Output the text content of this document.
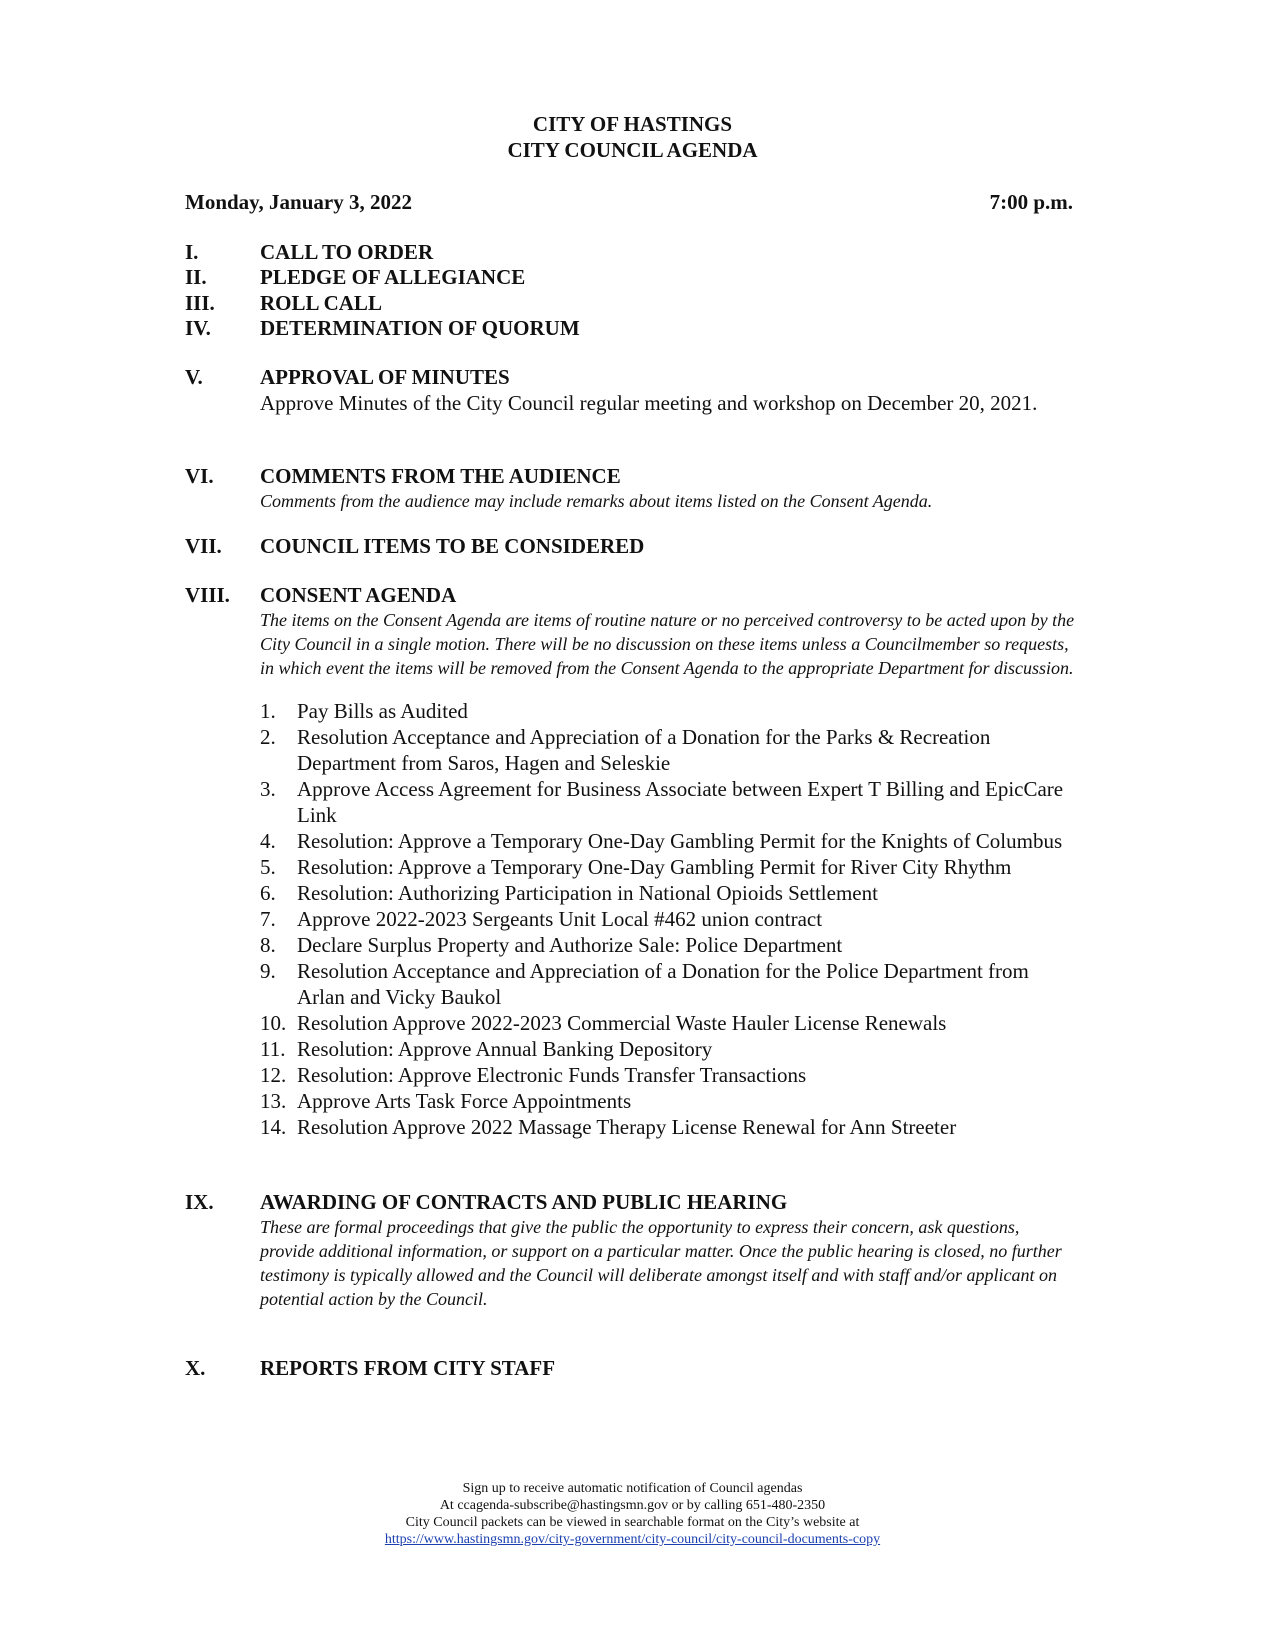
CITY OF HASTINGS
CITY COUNCIL AGENDA
Monday, January 3, 2022	7:00 p.m.
I.	CALL TO ORDER
II.	PLEDGE OF ALLEGIANCE
III.	ROLL CALL
IV.	DETERMINATION OF QUORUM
V.	APPROVAL OF MINUTES
Approve Minutes of the City Council regular meeting and workshop on December 20, 2021.
VI.	COMMENTS FROM THE AUDIENCE
Comments from the audience may include remarks about items listed on the Consent Agenda.
VII.	COUNCIL ITEMS TO BE CONSIDERED
VIII.	CONSENT AGENDA
The items on the Consent Agenda are items of routine nature or no perceived controversy to be acted upon by the City Council in a single motion. There will be no discussion on these items unless a Councilmember so requests, in which event the items will be removed from the Consent Agenda to the appropriate Department for discussion.
1.	Pay Bills as Audited
2.	Resolution Acceptance and Appreciation of a Donation for the Parks & Recreation Department from Saros, Hagen and Seleskie
3.	Approve Access Agreement for Business Associate between Expert T Billing and EpicCare Link
4.	Resolution: Approve a Temporary One-Day Gambling Permit for the Knights of Columbus
5.	Resolution: Approve a Temporary One-Day Gambling Permit for River City Rhythm
6.	Resolution: Authorizing Participation in National Opioids Settlement
7.	Approve 2022-2023 Sergeants Unit Local #462 union contract
8.	Declare Surplus Property and Authorize Sale: Police Department
9.	Resolution Acceptance and Appreciation of a Donation for the Police Department from Arlan and Vicky Baukol
10. Resolution Approve 2022-2023 Commercial Waste Hauler License Renewals
11. Resolution: Approve Annual Banking Depository
12. Resolution: Approve Electronic Funds Transfer Transactions
13. Approve Arts Task Force Appointments
14. Resolution Approve 2022 Massage Therapy License Renewal for Ann Streeter
IX.	AWARDING OF CONTRACTS AND PUBLIC HEARING
These are formal proceedings that give the public the opportunity to express their concern, ask questions, provide additional information, or support on a particular matter. Once the public hearing is closed, no further testimony is typically allowed and the Council will deliberate amongst itself and with staff and/or applicant on potential action by the Council.
X.	REPORTS FROM CITY STAFF
Sign up to receive automatic notification of Council agendas
At ccagenda-subscribe@hastingsmn.gov or by calling 651-480-2350
City Council packets can be viewed in searchable format on the City’s website at
https://www.hastingsmn.gov/city-government/city-council/city-council-documents-copy
